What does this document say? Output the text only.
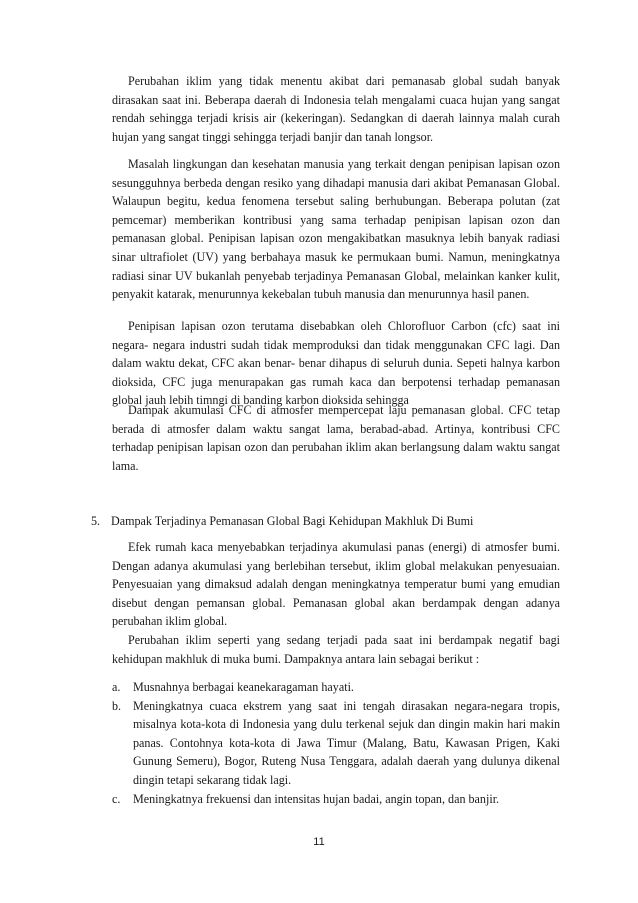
Perubahan iklim yang tidak menentu akibat dari pemanasab global sudah banyak dirasakan saat ini. Beberapa daerah di Indonesia telah mengalami cuaca hujan yang sangat rendah sehingga terjadi krisis air (kekeringan). Sedangkan di daerah lainnya malah curah hujan yang sangat tinggi sehingga terjadi banjir dan tanah longsor.

Masalah lingkungan dan kesehatan manusia yang terkait dengan penipisan lapisan ozon sesungguhnya berbeda dengan resiko yang dihadapi manusia dari akibat Pemanasan Global. Walaupun begitu, kedua fenomena tersebut saling berhubungan. Beberapa polutan (zat pemcemar) memberikan kontribusi yang sama terhadap penipisan lapisan ozon dan pemanasan global. Penipisan lapisan ozon mengakibatkan masuknya lebih banyak radiasi sinar ultrafiolet (UV) yang berbahaya masuk ke permukaan bumi. Namun, meningkatnya radiasi sinar UV bukanlah penyebab terjadinya Pemanasan Global, melainkan kanker kulit, penyakit katarak, menurunnya kekebalan tubuh manusia dan menurunnya hasil panen.

Penipisan lapisan ozon terutama disebabkan oleh Chlorofluor Carbon (cfc) saat ini negara- negara industri sudah tidak memproduksi dan tidak menggunakan CFC lagi. Dan dalam waktu dekat, CFC akan benar- benar dihapus di seluruh dunia. Sepeti halnya karbon dioksida, CFC juga menurapakan gas rumah kaca dan berpotensi terhadap pemanasan global jauh lebih timngi di banding karbon dioksida sehingga

Dampak akumulasi CFC di atmosfer mempercepat laju pemanasan global. CFC tetap berada di atmosfer dalam waktu sangat lama, berabad-abad. Artinya, kontribusi CFC terhadap penipisan lapisan ozon dan perubahan iklim akan berlangsung dalam waktu sangat lama.

5. Dampak Terjadinya Pemanasan Global Bagi Kehidupan Makhluk Di Bumi

Efek rumah kaca menyebabkan terjadinya akumulasi panas (energi) di atmosfer bumi. Dengan adanya akumulasi yang berlebihan tersebut, iklim global melakukan penyesuaian. Penyesuaian yang dimaksud adalah dengan meningkatnya temperatur bumi yang emudian disebut dengan pemansan global. Pemanasan global akan berdampak dengan adanya perubahan iklim global.

Perubahan iklim seperti yang sedang terjadi pada saat ini berdampak negatif bagi kehidupan makhluk di muka bumi. Dampaknya antara lain sebagai berikut :

a. Musnahnya berbagai keanekaragaman hayati.
b. Meningkatnya cuaca ekstrem yang saat ini tengah dirasakan negara-negara tropis, misalnya kota-kota di Indonesia yang dulu terkenal sejuk dan dingin makin hari makin panas. Contohnya kota-kota di Jawa Timur (Malang, Batu, Kawasan Prigen, Kaki Gunung Semeru), Bogor, Ruteng Nusa Tenggara, adalah daerah yang dulunya dikenal dingin tetapi sekarang tidak lagi.
c. Meningkatnya frekuensi dan intensitas hujan badai, angin topan, dan banjir.
11
